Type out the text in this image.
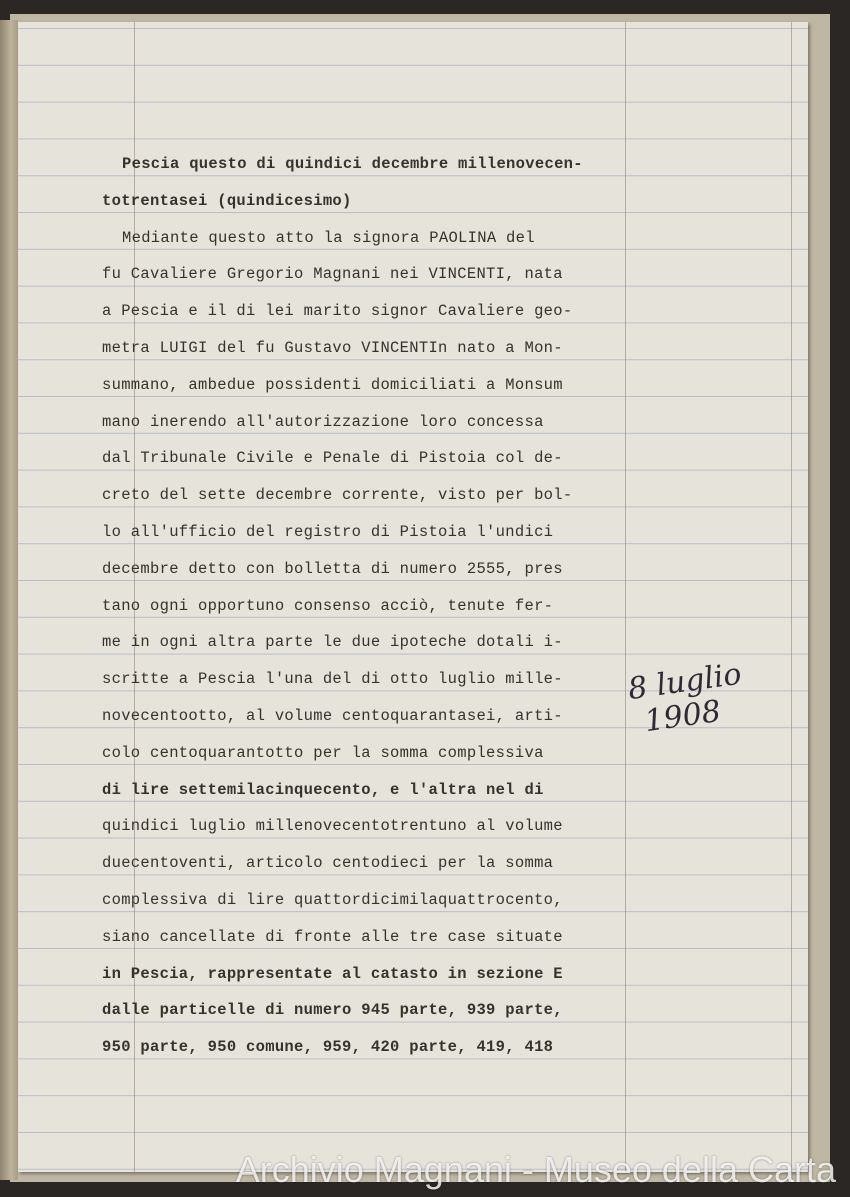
Pescia questo di quindici decembre millenovecen-
totrentasei (quindicesimo)
Mediante questo atto la signora PAOLINA del
fu Cavaliere Gregorio Magnani nei VINCENTI, nata
a Pescia e il di lei marito signor Cavaliere geo-
metra LUIGI del fu Gustavo VINCENTIn nato a Mon-
summano, ambedue possidenti domiciliati a Monsum
mano inerendo all'autorizzazione loro concessa
dal Tribunale Civile e Penale di Pistoia col de-
creto del sette decembre corrente, visto per bol-
lo all'ufficio del registro di Pistoia l'undici
decembre detto con bolletta di numero 2555, pres
tano ogni opportuno consenso acciò, tenute fer-
me in ogni altra parte le due ipoteche dotali i-
scritte a Pescia l'una del di otto luglio mille-
novecentootto, al volume centoquarantasei, arti-
colo centoquarantotto per la somma complessiva
di lire settemilacinquecento, e l'altra nel di
quindici luglio millenovecentotrentuno al volume
duecentoventi, articolo centodieci per la somma
complessiva di lire quattordicimilaquattrocento,
siano cancellate di fronte alle tre case situate
in Pescia, rappresentate al catasto in sezione E
dalle particelle di numero 945 parte, 939 parte,
950 parte, 950 comune, 959, 420 parte, 419, 418
8 luglio
1908
Archivio Magnani - Museo della Carta
